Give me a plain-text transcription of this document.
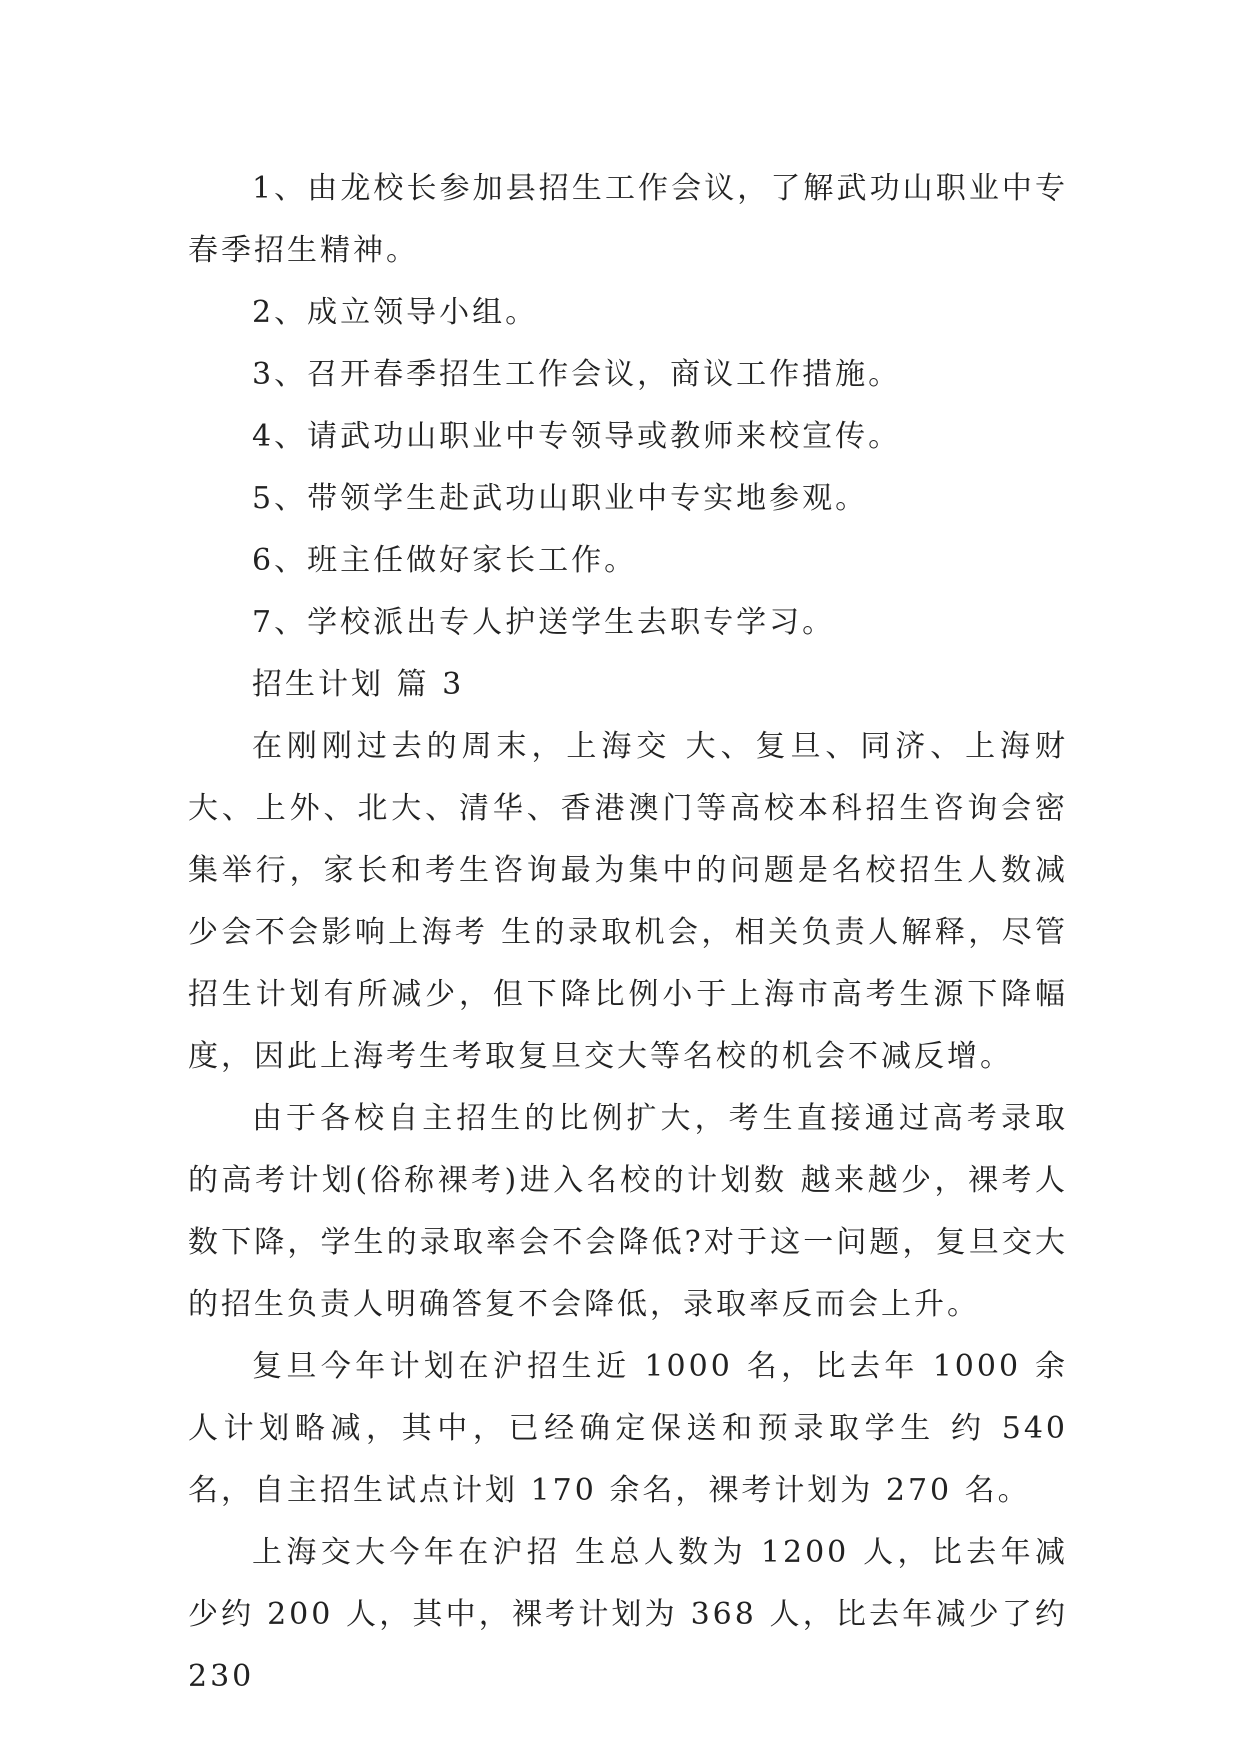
1、由龙校长参加县招生工作会议，了解武功山职业中专春季招生精神。

2、成立领导小组。

3、召开春季招生工作会议，商议工作措施。

4、请武功山职业中专领导或教师来校宣传。

5、带领学生赴武功山职业中专实地参观。

6、班主任做好家长工作。

7、学校派出专人护送学生去职专学习。

招生计划 篇 3

在刚刚过去的周末，上海交 大、复旦、同济、上海财大、上外、北大、清华、香港澳门等高校本科招生咨询会密集举行，家长和考生咨询最为集中的问题是名校招生人数减少会不会影响上海考 生的录取机会，相关负责人解释，尽管招生计划有所减少，但下降比例小于上海市高考生源下降幅度，因此上海考生考取复旦交大等名校的机会不减反增。

由于各校自主招生的比例扩大，考生直接通过高考录取的高考计划(俗称裸考)进入名校的计划数 越来越少，裸考人数下降，学生的录取率会不会降低?对于这一问题，复旦交大的招生负责人明确答复不会降低，录取率反而会上升。

复旦今年计划在沪招生近 1000 名，比去年 1000 余人计划略减，其中，已经确定保送和预录取学生 约 540 名，自主招生试点计划 170 余名，裸考计划为 270 名。

上海交大今年在沪招 生总人数为 1200 人，比去年减少约 200 人，其中，裸考计划为 368 人，比去年减少了约 230
